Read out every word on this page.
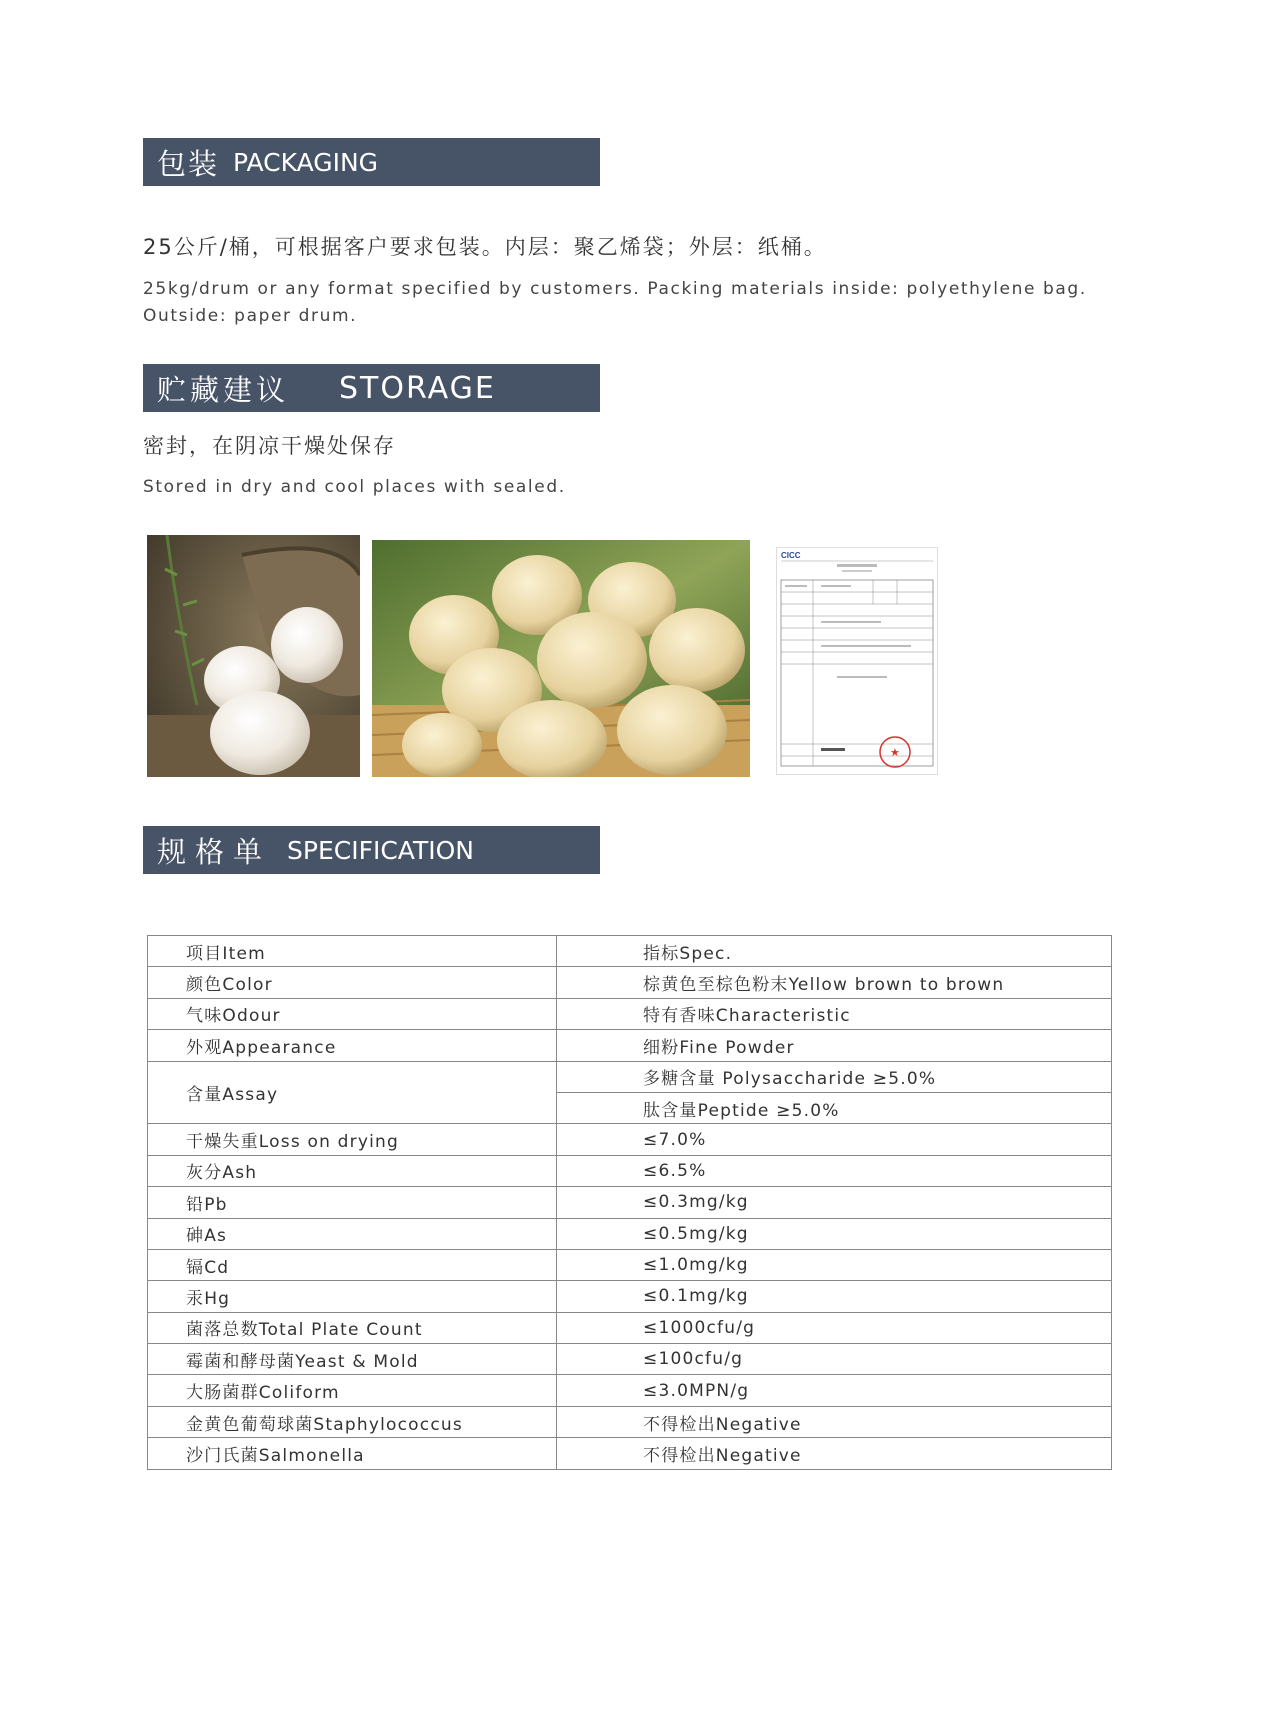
包装 PACKAGING
25公斤/桶，可根据客户要求包装。内层：聚乙烯袋；外层：纸桶。
25kg/drum or any format specified by customers. Packing materials inside: polyethylene bag. Outside: paper drum.
贮藏建议 STORAGE
密封，在阴凉干燥处保存
Stored in dry and cool places with sealed.
CICC
★
规格单 SPECIFICATION
项目Item	指标Spec.
颜色Color	棕黄色至棕色粉末Yellow brown to brown
气味Odour	特有香味Characteristic
外观Appearance	细粉Fine Powder
含量Assay	多糖含量 Polysaccharide ≥5.0%
	肽含量Peptide ≥5.0%
干燥失重Loss on drying	≤7.0%
灰分Ash	≤6.5%
铅Pb	≤0.3mg/kg
砷As	≤0.5mg/kg
镉Cd	≤1.0mg/kg
汞Hg	≤0.1mg/kg
菌落总数Total Plate Count	≤1000cfu/g
霉菌和酵母菌Yeast & Mold	≤100cfu/g
大肠菌群Coliform	≤3.0MPN/g
金黄色葡萄球菌Staphylococcus	不得检出Negative
沙门氏菌Salmonella	不得检出Negative
